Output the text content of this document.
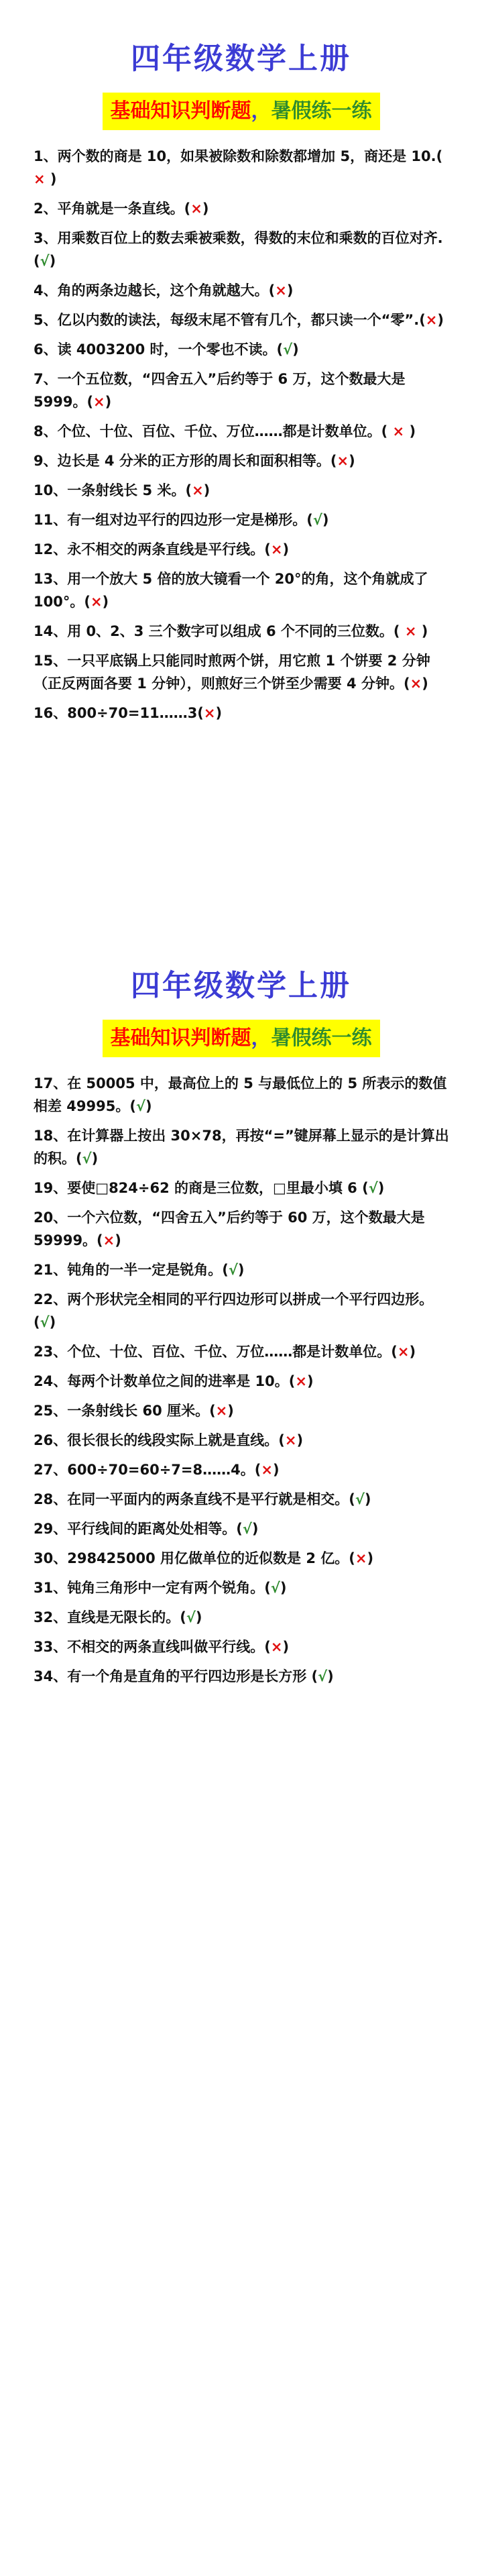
四年级数学上册
基础知识判断题，暑假练一练
1、两个数的商是 10，如果被除数和除数都增加 5，商还是 10.( × )
2、平角就是一条直线。(×)
3、用乘数百位上的数去乘被乘数，得数的末位和乘数的百位对齐.(√)
4、角的两条边越长，这个角就越大。(×)
5、亿以内数的读法，每级末尾不管有几个，都只读一个“零”.(×)
6、读 4003200 时，一个零也不读。(√)
7、一个五位数，“四舍五入”后约等于 6 万，这个数最大是 5999。(×)
8、个位、十位、百位、千位、万位……都是计数单位。( × )
9、边长是 4 分米的正方形的周长和面积相等。(×)
10、一条射线长 5 米。(×)
11、有一组对边平行的四边形一定是梯形。(√)
12、永不相交的两条直线是平行线。(×)
13、用一个放大 5 倍的放大镜看一个 20°的角，这个角就成了 100°。(×)
14、用 0、2、3 三个数字可以组成 6 个不同的三位数。( × )
15、一只平底锅上只能同时煎两个饼，用它煎 1 个饼要 2 分钟（正反两面各要 1 分钟），则煎好三个饼至少需要 4 分钟。(×)
16、800÷70=11……3(×)
四年级数学上册
基础知识判断题，暑假练一练
17、在 50005 中，最高位上的 5 与最低位上的 5 所表示的数值相差 49995。(√)
18、在计算器上按出 30×78，再按“=”键屏幕上显示的是计算出的积。(√)
19、要使□824÷62 的商是三位数，□里最小填 6 (√)
20、一个六位数，“四舍五入”后约等于 60 万，这个数最大是 59999。(×)
21、钝角的一半一定是锐角。(√)
22、两个形状完全相同的平行四边形可以拼成一个平行四边形。(√)
23、个位、十位、百位、千位、万位……都是计数单位。(×)
24、每两个计数单位之间的进率是 10。(×)
25、一条射线长 60 厘米。(×)
26、很长很长的线段实际上就是直线。(×)
27、600÷70=60÷7=8……4。(×)
28、在同一平面内的两条直线不是平行就是相交。(√)
29、平行线间的距离处处相等。(√)
30、298425000 用亿做单位的近似数是 2 亿。(×)
31、钝角三角形中一定有两个锐角。(√)
32、直线是无限长的。(√)
33、不相交的两条直线叫做平行线。(×)
34、有一个角是直角的平行四边形是长方形 (√)
